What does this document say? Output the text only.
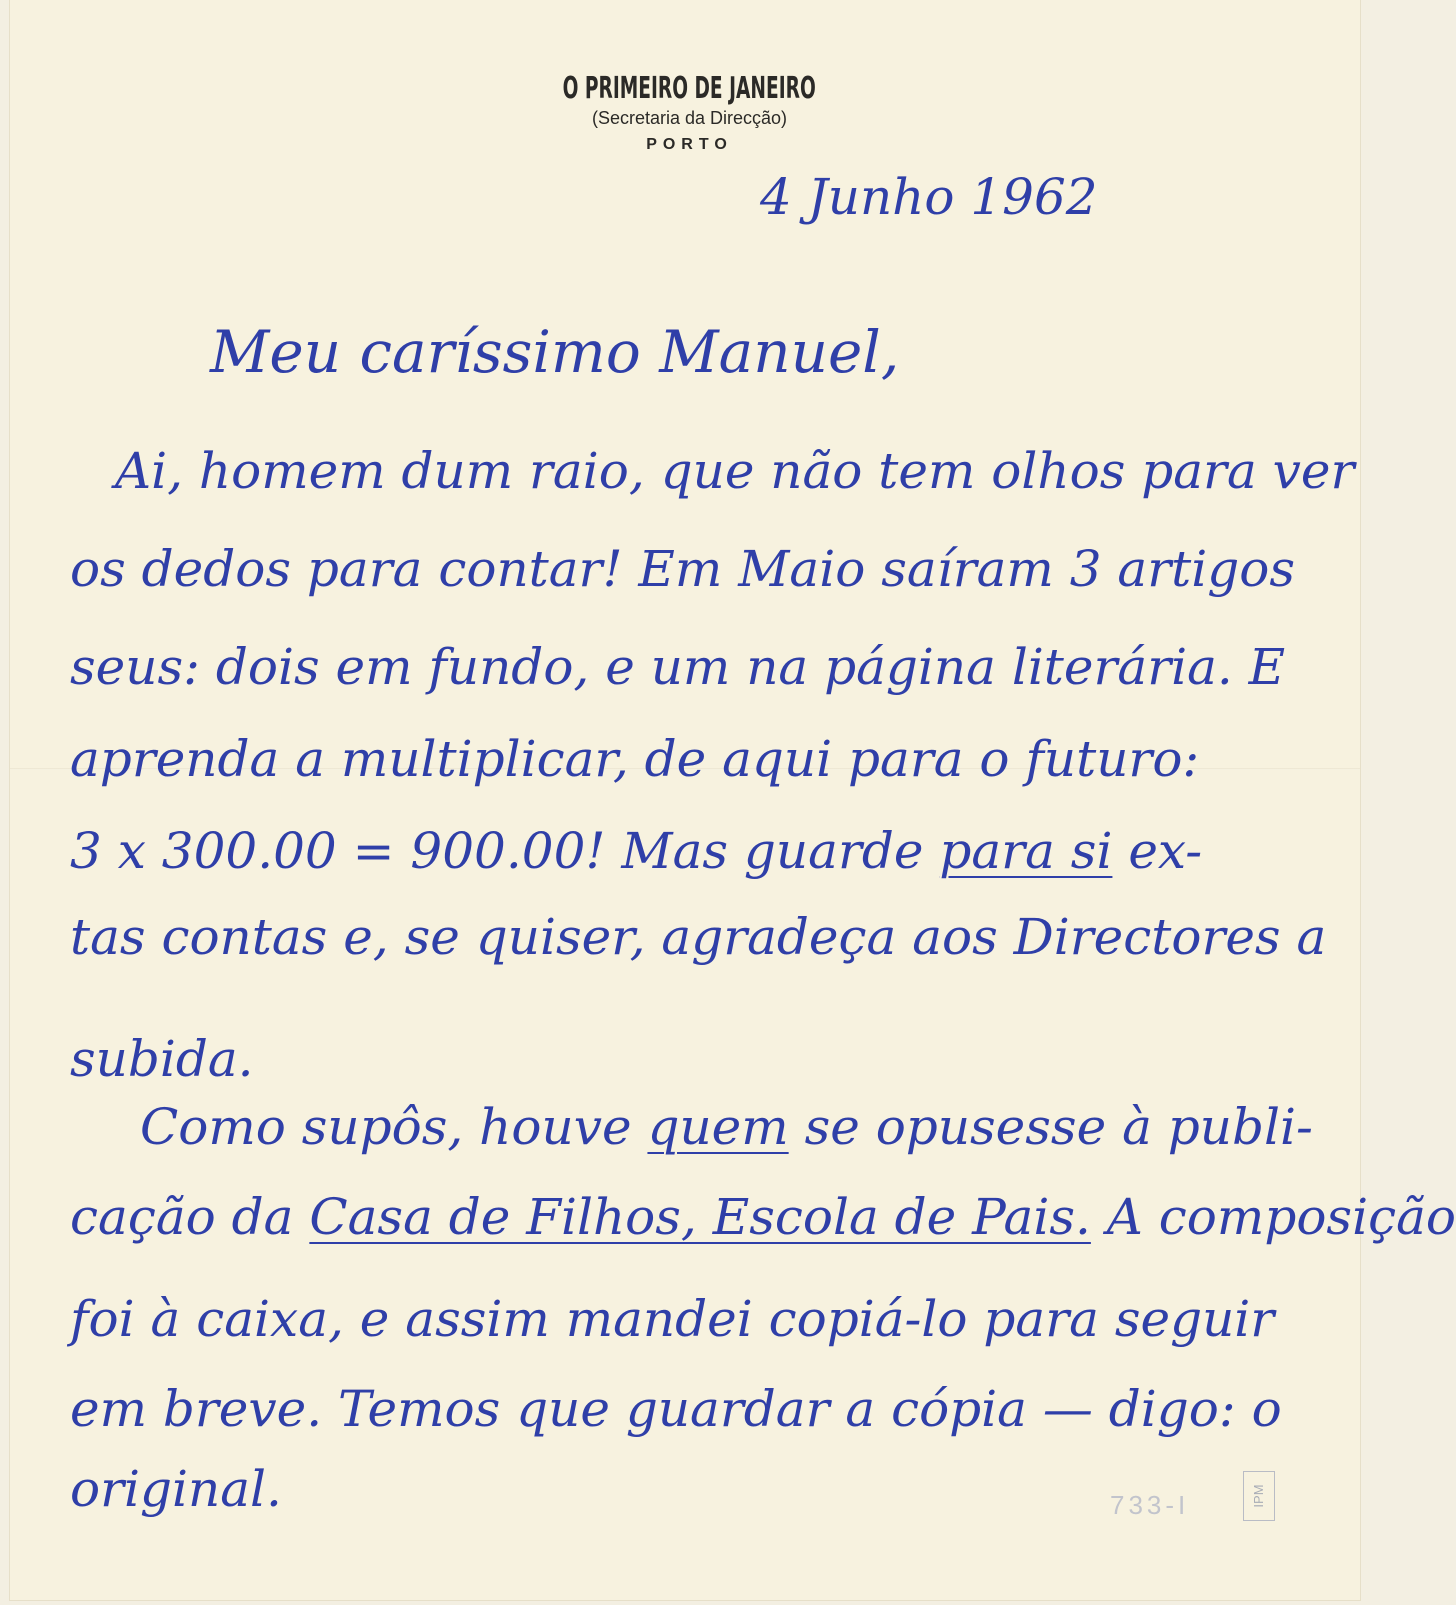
O PRIMEIRO DE JANEIRO
(Secretaria da Direcção)
PORTO
4 Junho 1962
Meu caríssimo Manuel,
Ai, homem dum raio, que não tem olhos para ver
os dedos para contar! Em Maio saíram 3 artigos
seus: dois em fundo, e um na página literária. E
aprenda a multiplicar, de aqui para o futuro:
3 x 300.00 = 900.00! Mas guarde para si ex-
tas contas e, se quiser, agradeça aos Directores a
subida.
Como supôs, houve quem se opusesse à publi-
cação da Casa de Filhos, Escola de Pais. A composição
foi à caixa, e assim mandei copiá-lo para seguir
em breve. Temos que guardar a cópia — digo: o
original.	733-I	IPM
